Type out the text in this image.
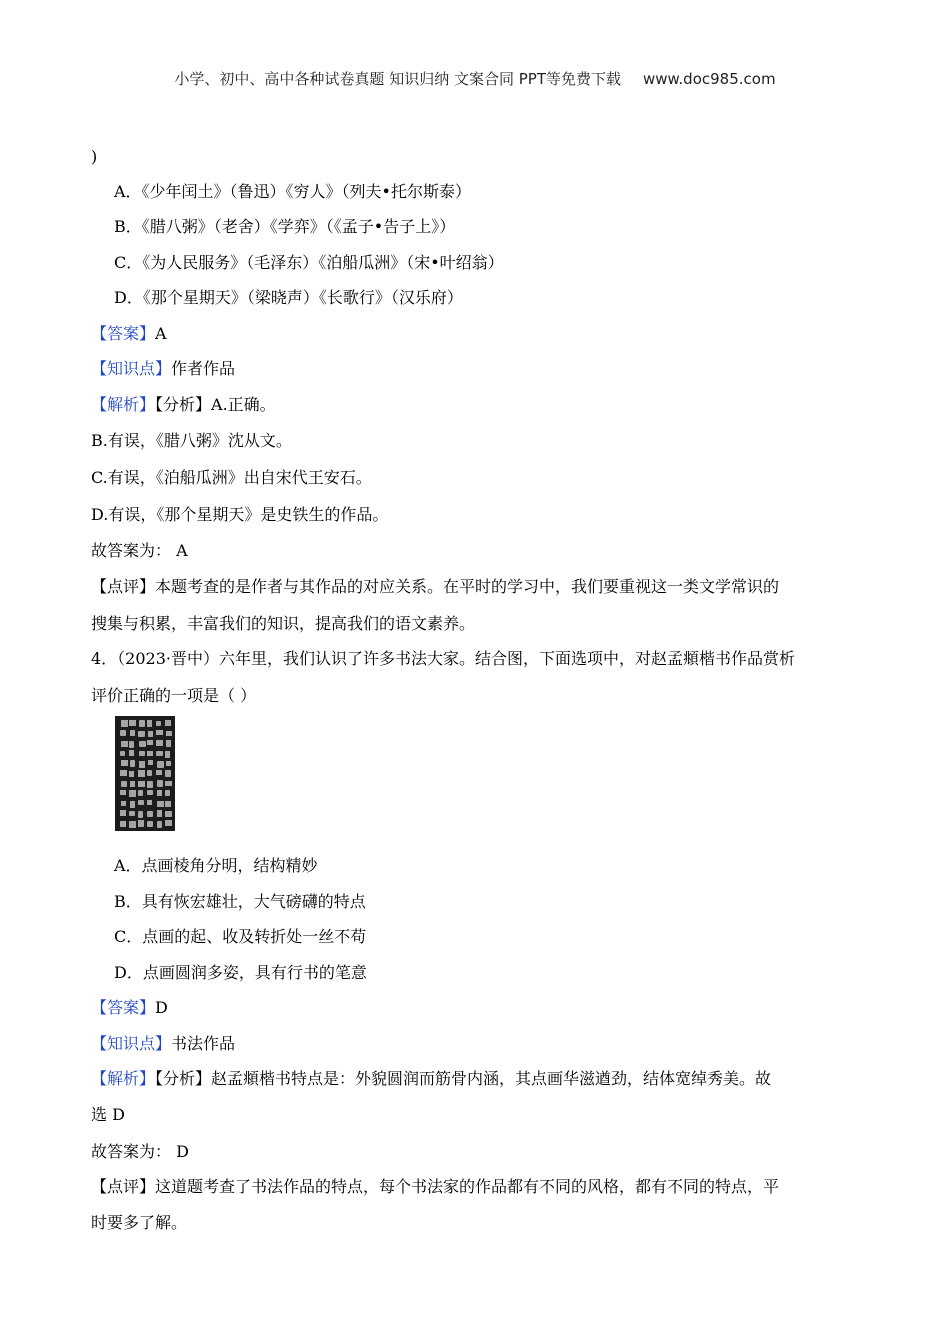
小学、初中、高中各种试卷真题 知识归纳 文案合同 PPT等免费下载 www.doc985.com
)
A．《少年闰土》（鲁迅）《穷人》（列夫•托尔斯泰）
B．《腊八粥》（老舍）《学弈》（《孟子•告子上》）
C．《为人民服务》（毛泽东）《泊船瓜洲》（宋•叶绍翁）
D．《那个星期天》（梁晓声）《长歌行》（汉乐府）
【答案】A
【知识点】作者作品
【解析】【分析】A.正确。
B.有误，《腊八粥》沈从文。
C.有误，《泊船瓜洲》出自宋代王安石。
D.有误，《那个星期天》是史铁生的作品。
故答案为： A
【点评】本题考查的是作者与其作品的对应关系。在平时的学习中，我们要重视这一类文学常识的
搜集与积累，丰富我们的知识，提高我们的语文素养。
4．（2023·晋中）六年里，我们认识了许多书法大家。结合图，下面选项中，对赵孟頫楷书作品赏析
评价正确的一项是（ ）
A．点画棱角分明，结构精妙
B．具有恢宏雄壮，大气磅礴的特点
C．点画的起、收及转折处一丝不苟
D．点画圆润多姿，具有行书的笔意
【答案】D
【知识点】书法作品
【解析】【分析】赵孟頫楷书特点是：外貌圆润而筋骨内涵，其点画华滋遒劲，结体宽绰秀美。故
选 D
故答案为： D
【点评】这道题考查了书法作品的特点，每个书法家的作品都有不同的风格，都有不同的特点，平
时要多了解。
